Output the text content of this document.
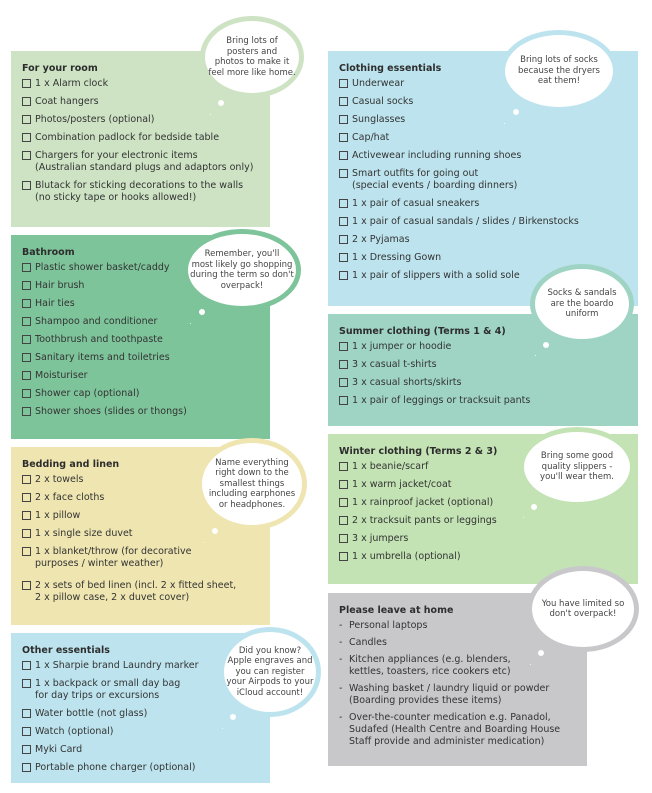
For your room
1 x Alarm clock
Coat hangers
Photos/posters (optional)
Combination padlock for bedside table
Chargers for your electronic items
(Australian standard plugs and adaptors only)
Blutack for sticking decorations to the walls
(no sticky tape or hooks allowed!)
Bathroom
Plastic shower basket/caddy
Hair brush
Hair ties
Shampoo and conditioner
Toothbrush and toothpaste
Sanitary items and toiletries
Moisturiser
Shower cap (optional)
Shower shoes (slides or thongs)
Bedding and linen
2 x towels
2 x face cloths
1 x pillow
1 x single size duvet
1 x blanket/throw (for decorative
purposes / winter weather)
2 x sets of bed linen (incl. 2 x fitted sheet,
2 x pillow case, 2 x duvet cover)
Other essentials
1 x Sharpie brand Laundry marker
1 x backpack or small day bag
for day trips or excursions
Water bottle (not glass)
Watch (optional)
Myki Card
Portable phone charger (optional)
Clothing essentials
Underwear
Casual socks
Sunglasses
Cap/hat
Activewear including running shoes
Smart outfits for going out
(special events / boarding dinners)
1 x pair of casual sneakers
1 x pair of casual sandals / slides / Birkenstocks
2 x Pyjamas
1 x Dressing Gown
1 x pair of slippers with a solid sole
Summer clothing (Terms 1 & 4)
1 x jumper or hoodie
3 x casual t-shirts
3 x casual shorts/skirts
1 x pair of leggings or tracksuit pants
Winter clothing (Terms 2 & 3)
1 x beanie/scarf
1 x warm jacket/coat
1 x rainproof jacket (optional)
2 x tracksuit pants or leggings
3 x jumpers
1 x umbrella (optional)
Please leave at home
- Personal laptops
- Candles
- Kitchen appliances (e.g. blenders,
kettles, toasters, rice cookers etc)
- Washing basket / laundry liquid or powder
(Boarding provides these items)
- Over-the-counter medication e.g. Panadol,
Sudafed (Health Centre and Boarding House
Staff provide and administer medication)
Bring lots of
posters and
photos to make it
feel more like home.
Remember, you'll
most likely go shopping
during the term so don't
overpack!
Name everything
right down to the
smallest things
including earphones
or headphones.
Did you know?
Apple engraves and
you can register
your Airpods to your
iCloud account!
Bring lots of socks
because the dryers
eat them!
Socks & sandals
are the boardo
uniform
Bring some good
quality slippers -
you'll wear them.
You have limited so
don't overpack!
